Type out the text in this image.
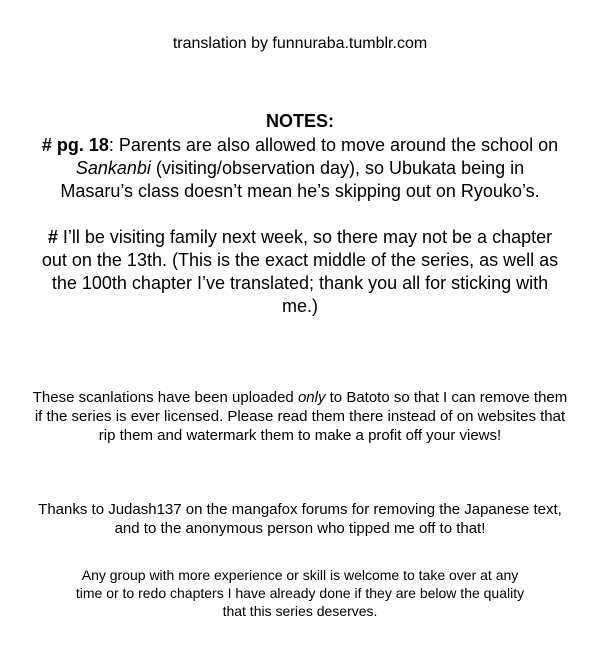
translation by funnuraba.tumblr.com
NOTES:

# pg. 18: Parents are also allowed to move around the school on Sankanbi (visiting/observation day), so Ubukata being in Masaru’s class doesn’t mean he’s skipping out on Ryouko’s.

# I’ll be visiting family next week, so there may not be a chapter out on the 13th. (This is the exact middle of the series, as well as the 100th chapter I’ve translated; thank you all for sticking with me.)

These scanlations have been uploaded only to Batoto so that I can remove them if the series is ever licensed. Please read them there instead of on websites that rip them and watermark them to make a profit off your views!
Thanks to Judash137 on the mangafox forums for removing the Japanese text, and to the anonymous person who tipped me off to that!
Any group with more experience or skill is welcome to take over at any time or to redo chapters I have already done if they are below the quality that this series deserves.
